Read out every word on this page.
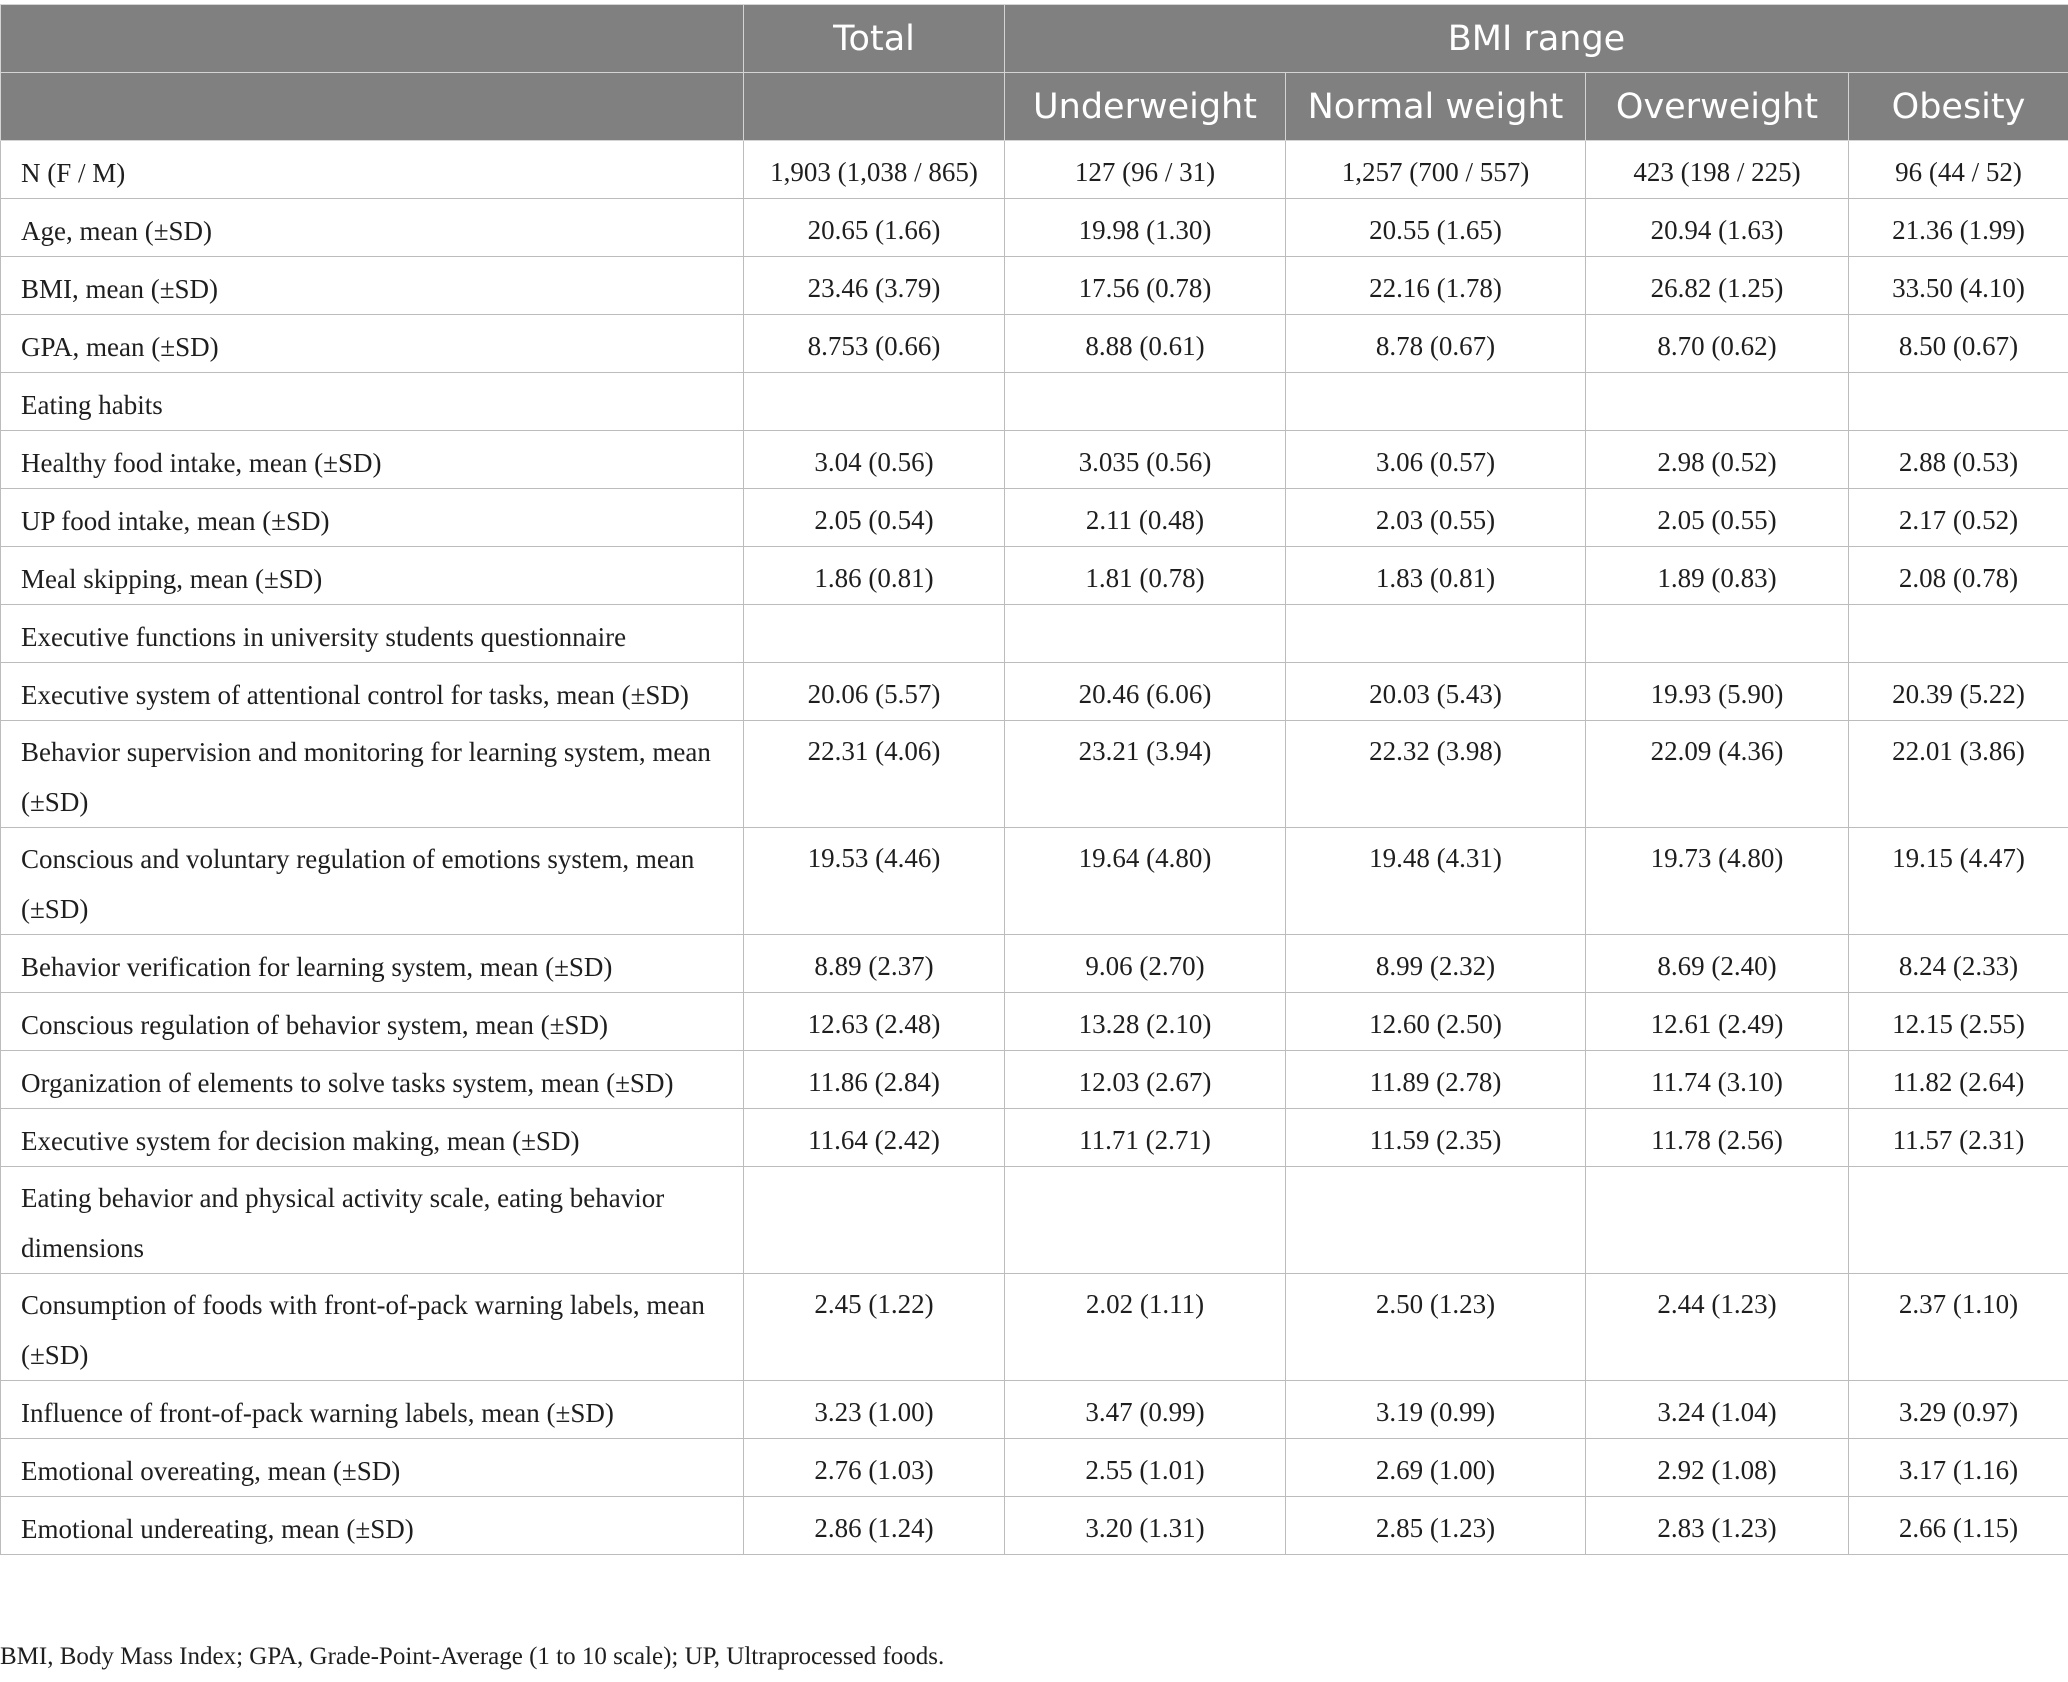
	Total	BMI range			
		Underweight	Normal weight	Overweight	Obesity
N (F / M)	1,903 (1,038 / 865)	127 (96 / 31)	1,257 (700 / 557)	423 (198 / 225)	96 (44 / 52)
Age, mean (±SD)	20.65 (1.66)	19.98 (1.30)	20.55 (1.65)	20.94 (1.63)	21.36 (1.99)
BMI, mean (±SD)	23.46 (3.79)	17.56 (0.78)	22.16 (1.78)	26.82 (1.25)	33.50 (4.10)
GPA, mean (±SD)	8.753 (0.66)	8.88 (0.61)	8.78 (0.67)	8.70 (0.62)	8.50 (0.67)
Eating habits					
Healthy food intake, mean (±SD)	3.04 (0.56)	3.035 (0.56)	3.06 (0.57)	2.98 (0.52)	2.88 (0.53)
UP food intake, mean (±SD)	2.05 (0.54)	2.11 (0.48)	2.03 (0.55)	2.05 (0.55)	2.17 (0.52)
Meal skipping, mean (±SD)	1.86 (0.81)	1.81 (0.78)	1.83 (0.81)	1.89 (0.83)	2.08 (0.78)
Executive functions in university students questionnaire					
Executive system of attentional control for tasks, mean (±SD)	20.06 (5.57)	20.46 (6.06)	20.03 (5.43)	19.93 (5.90)	20.39 (5.22)
Behavior supervision and monitoring for learning system, mean (±SD)	22.31 (4.06)	23.21 (3.94)	22.32 (3.98)	22.09 (4.36)	22.01 (3.86)
Conscious and voluntary regulation of emotions system, mean (±SD)	19.53 (4.46)	19.64 (4.80)	19.48 (4.31)	19.73 (4.80)	19.15 (4.47)
Behavior verification for learning system, mean (±SD)	8.89 (2.37)	9.06 (2.70)	8.99 (2.32)	8.69 (2.40)	8.24 (2.33)
Conscious regulation of behavior system, mean (±SD)	12.63 (2.48)	13.28 (2.10)	12.60 (2.50)	12.61 (2.49)	12.15 (2.55)
Organization of elements to solve tasks system, mean (±SD)	11.86 (2.84)	12.03 (2.67)	11.89 (2.78)	11.74 (3.10)	11.82 (2.64)
Executive system for decision making, mean (±SD)	11.64 (2.42)	11.71 (2.71)	11.59 (2.35)	11.78 (2.56)	11.57 (2.31)
Eating behavior and physical activity scale, eating behavior dimensions					
Consumption of foods with front-of-pack warning labels, mean (±SD)	2.45 (1.22)	2.02 (1.11)	2.50 (1.23)	2.44 (1.23)	2.37 (1.10)
Influence of front-of-pack warning labels, mean (±SD)	3.23 (1.00)	3.47 (0.99)	3.19 (0.99)	3.24 (1.04)	3.29 (0.97)
Emotional overeating, mean (±SD)	2.76 (1.03)	2.55 (1.01)	2.69 (1.00)	2.92 (1.08)	3.17 (1.16)
Emotional undereating, mean (±SD)	2.86 (1.24)	3.20 (1.31)	2.85 (1.23)	2.83 (1.23)	2.66 (1.15)
BMI, Body Mass Index; GPA, Grade-Point-Average (1 to 10 scale); UP, Ultraprocessed foods.
